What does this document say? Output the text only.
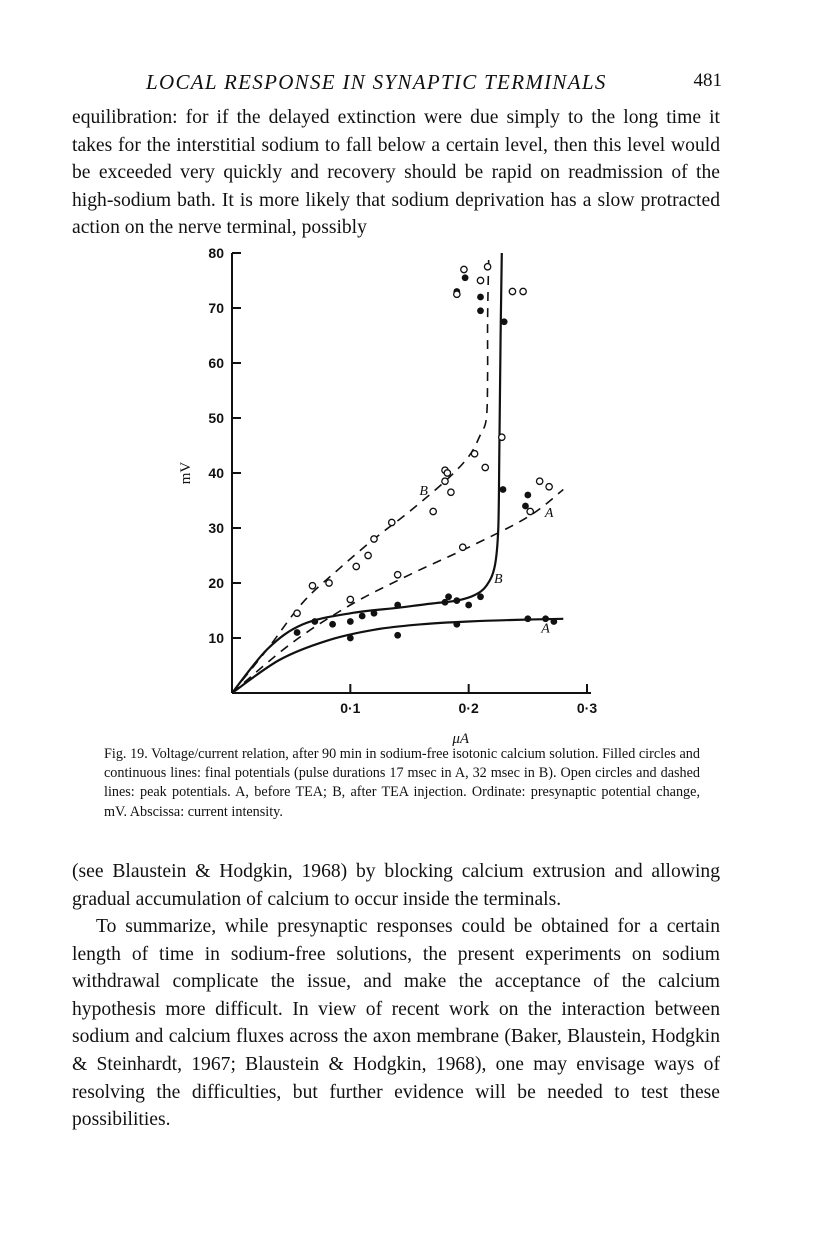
LOCAL RESPONSE IN SYNAPTIC TERMINALS	481

equilibration: for if the delayed extinction were due simply to the long time it takes for the interstitial sodium to fall below a certain level, then this level would be exceeded very quickly and recovery should be rapid on readmission of the high-sodium bath. It is more likely that sodium deprivation has a slow protracted action on the nerve terminal, possibly

10
20
30
40
50
60
70
80
0·1	0·2	0·3
μA
mV
A
B
A
B

Fig. 19. Voltage/current relation, after 90 min in sodium-free isotonic calcium solution. Filled circles and continuous lines: final potentials (pulse durations 17 msec in A, 32 msec in B). Open circles and dashed lines: peak potentials. A, before TEA; B, after TEA injection. Ordinate: presynaptic potential change, mV. Abscissa: current intensity.

(see Blaustein & Hodgkin, 1968) by blocking calcium extrusion and allowing gradual accumulation of calcium to occur inside the terminals.

To summarize, while presynaptic responses could be obtained for a certain length of time in sodium-free solutions, the present experiments on sodium withdrawal complicate the issue, and make the acceptance of the calcium hypothesis more difficult. In view of recent work on the interaction between sodium and calcium fluxes across the axon membrane (Baker, Blaustein, Hodgkin & Steinhardt, 1967; Blaustein & Hodgkin, 1968), one may envisage ways of resolving the difficulties, but further evidence will be needed to test these possibilities.
